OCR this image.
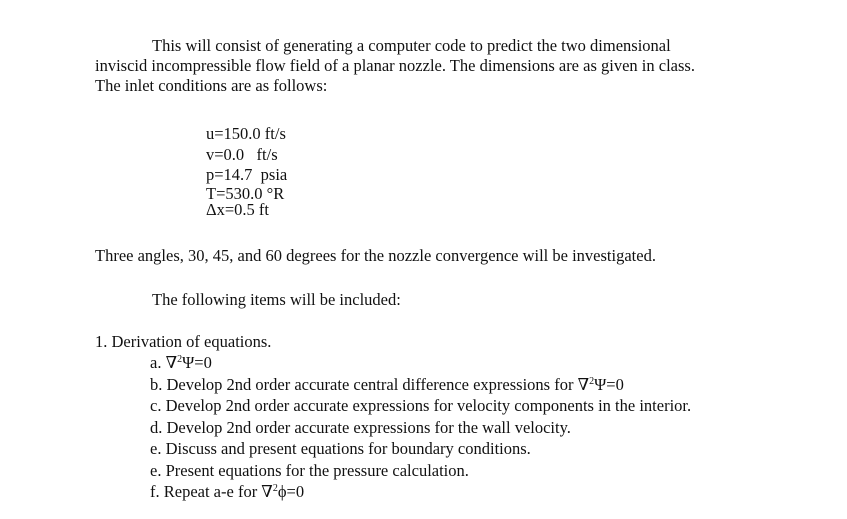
This will consist of generating a computer code to predict the two dimensional
inviscid incompressible flow field of a planar nozzle. The dimensions are as given in class.
The inlet conditions are as follows:
u=150.0 ft/s
v=0.0   ft/s
p=14.7  psia
T=530.0 °R
Δx=0.5 ft
Three angles, 30, 45, and 60 degrees for the nozzle convergence will be investigated.
The following items will be included:
1. Derivation of equations.
a. ∇$^2$Ψ=0
b. Develop 2nd order accurate central difference expressions for ∇$^2$Ψ=0
c. Develop 2nd order accurate expressions for velocity components in the interior.
d. Develop 2nd order accurate expressions for the wall velocity.
e. Discuss and present equations for boundary conditions.
e. Present equations for the pressure calculation.
f. Repeat a-e for ∇$^2$ϕ=0
